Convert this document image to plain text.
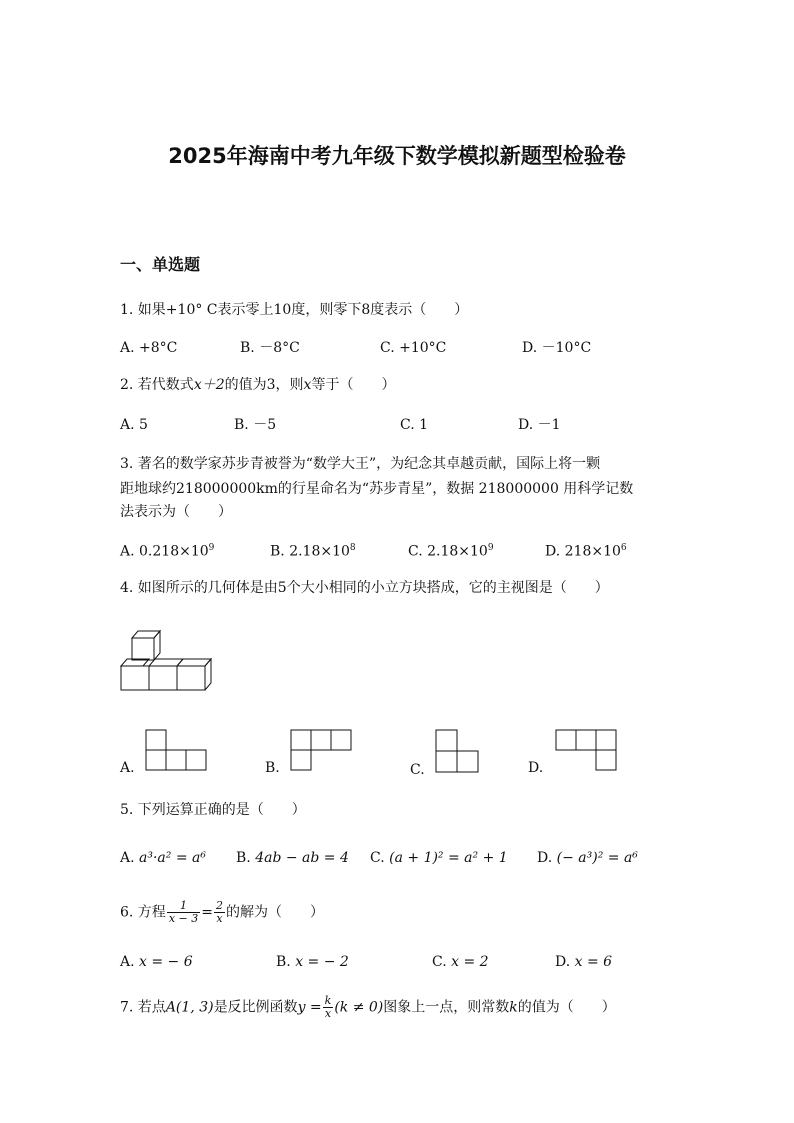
2025年海南中考九年级下数学模拟新题型检验卷
一、单选题
1. 如果+10° C表示零上10度，则零下8度表示（　　）
A. +8°C	B. －8°C	C. +10°C	D. －10°C
2. 若代数式x＋2的值为3，则x等于（　　）
A. 5	B. －5	C. 1	D. －1
3. 著名的数学家苏步青被誉为“数学大王”，为纪念其卓越贡献，国际上将一颗
距地球约218000000km的行星命名为“苏步青星”，数据 218000000 用科学记数
法表示为（　　）
A. $0.218\times 10^9$	B. $2.18\times 10^8$	C. $2.18\times 10^9$	D. $218\times 10^6$
4. 如图所示的几何体是由5个大小相同的小立方块搭成，它的主视图是（　　）
A.	B.	C.	D.
5. 下列运算正确的是（　　）
A. a³·a² = a⁶ B. 4ab − ab = 4 C. (a + 1)² = a² + 1 D. (− a³)² = a⁶
6. 方程 $\frac{1}{x - 3} = \frac{2}{x}$ 的解为（　　）
A. x = − 6	B. x = − 2	C. x = 2	D. x = 6
7. 若点A(1, 3)是反比例函数$y = \frac{k}{x} (k \ne 0)$图象上一点，则常数k的值为（　　）
